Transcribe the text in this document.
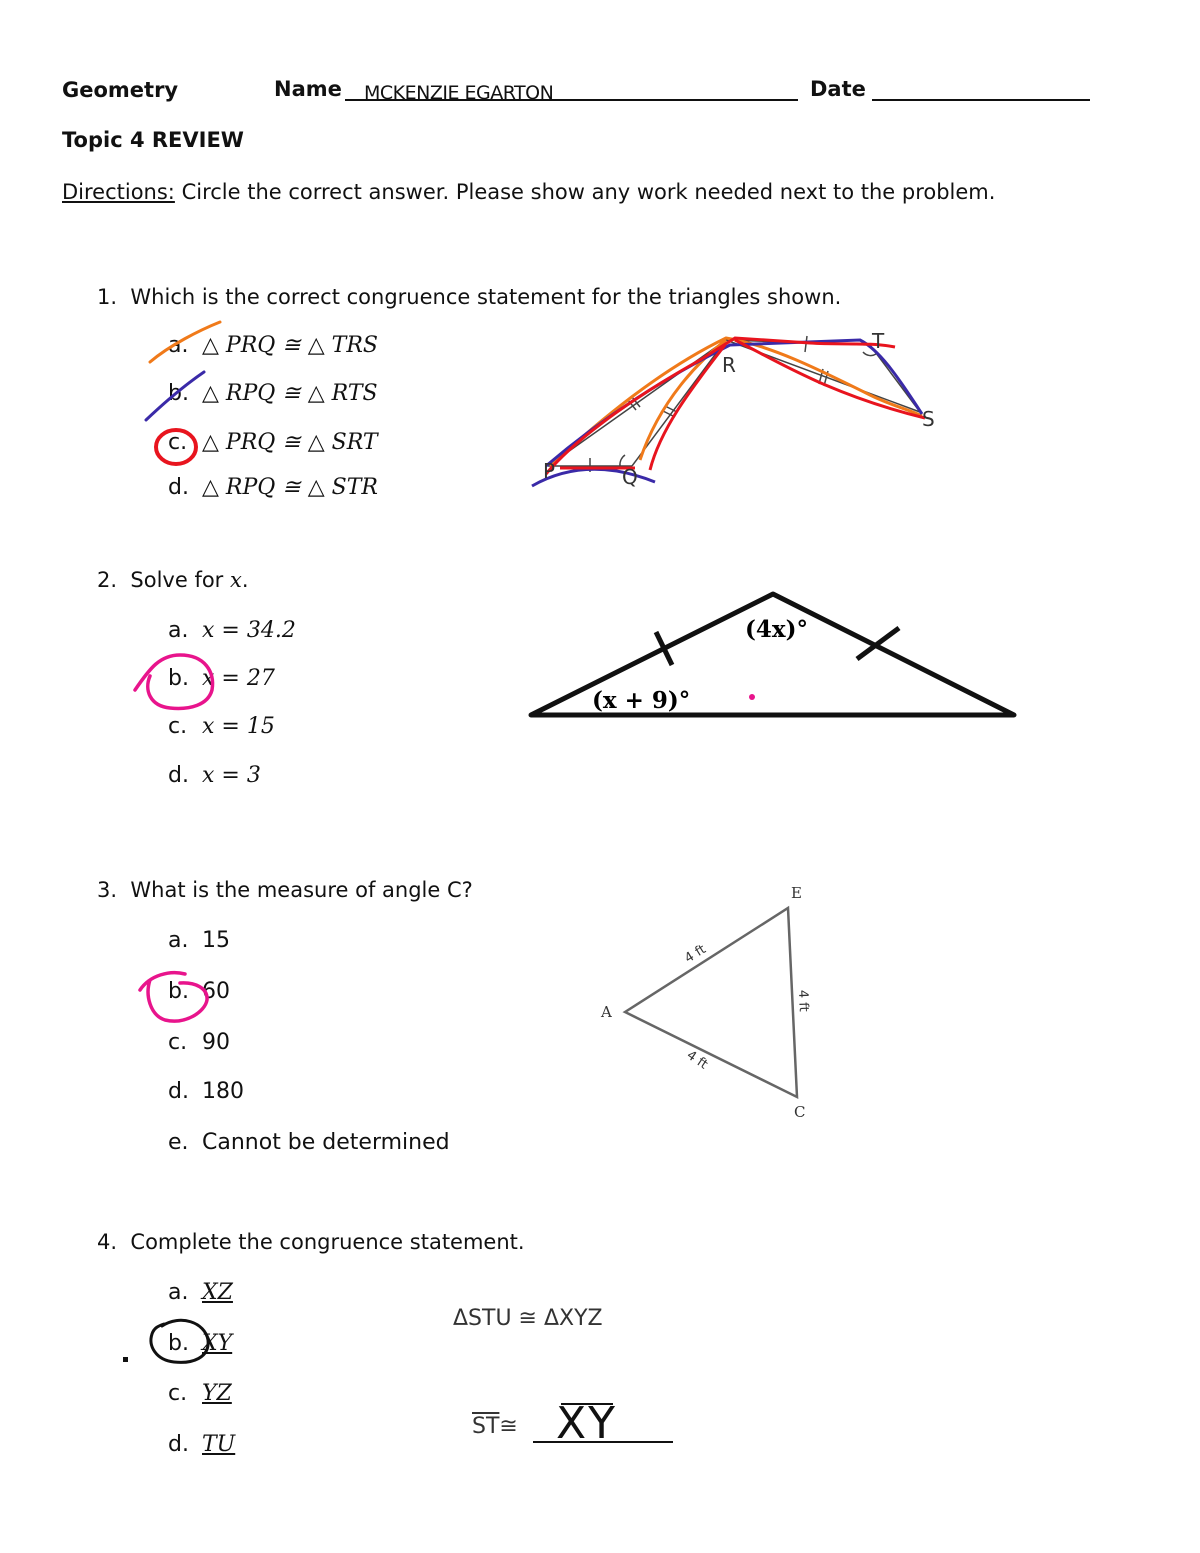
Geometry	Name MCKENZIE EGARTON	Date
Topic 4 REVIEW
Directions: Circle the correct answer. Please show any work needed next to the problem.
1. Which is the correct congruence statement for the triangles shown.
a. △ PRQ ≅ △ TRS
b. △ RPQ ≅ △ RTS
c. △ PRQ ≅ △ SRT
d. △ RPQ ≅ △ STR
P	Q
R
T
S
2. Solve for x.
a. x = 34.2
b. x = 27
c. x = 15
d. x = 3
(4x)°
(x + 9)°
3. What is the measure of angle C?
a. 15
b. 60
c. 90
d. 180
e. Cannot be determined
A
E
C
4 ft
4 ft
4 ft
4. Complete the congruence statement.
a. XZ
b. XY
c. YZ
d. TU
ΔSTU ≅ ΔXYZ
$\overline{ST}≅$ XY
